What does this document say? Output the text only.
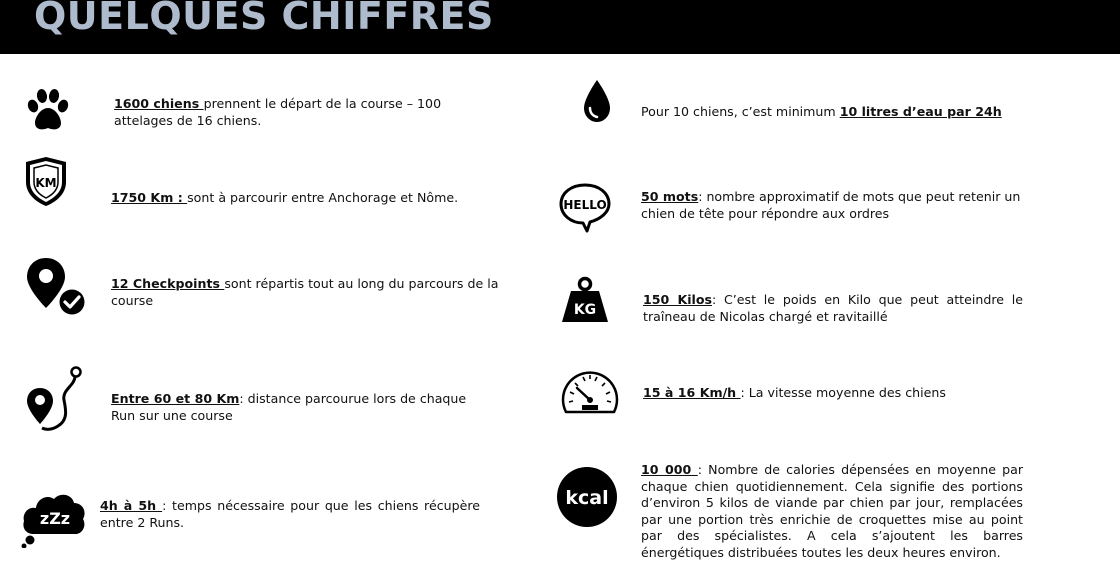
QUELQUES CHIFFRES
1600 chiens prennent le départ de la course – 100 attelages de 16 chiens.
KM
1750 Km : sont à parcourir entre Anchorage et Nôme.
12 Checkpoints sont répartis tout au long du parcours de la course
Entre 60 et 80 Km: distance parcourue lors de chaque Run sur une course
zZz
4h à 5h : temps nécessaire pour que les chiens récupère entre 2 Runs.
Pour 10 chiens, c’est minimum 10 litres d’eau par 24h
HELLO
50 mots: nombre approximatif de mots que peut retenir un chien de tête pour répondre aux ordres
KG
150 Kilos: C’est le poids en Kilo que peut atteindre le traîneau de Nicolas chargé et ravitaillé
15 à 16 Km/h : La vitesse moyenne des chiens
kcal
10 000 : Nombre de calories dépensées en moyenne par chaque chien quotidiennement. Cela signifie des portions d’environ 5 kilos de viande par chien par jour, remplacées par une portion très enrichie de croquettes mise au point par des spécialistes. A cela s’ajoutent les barres énergétiques distribuées toutes les deux heures environ.
